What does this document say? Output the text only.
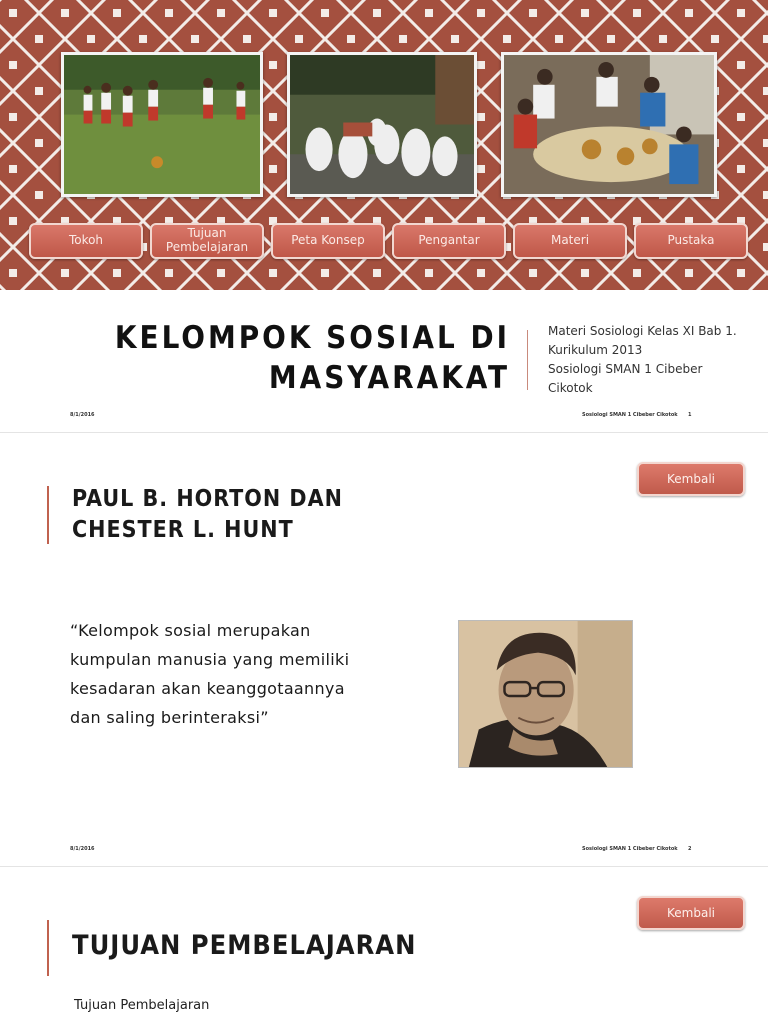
Tokoh	Tujuan Pembelajaran	Peta Konsep	Pengantar	Materi	Pustaka
KELOMPOK SOSIAL DI
MASYARAKAT
Materi Sosiologi Kelas XI Bab 1.
Kurikulum 2013
Sosiologi SMAN 1 Cibeber
Cikotok
8/1/2016	Sosiologi SMAN 1 Cibeber Cikotok 1
Kembali
PAUL B. HORTON DAN
CHESTER L. HUNT
“Kelompok sosial merupakan kumpulan manusia yang memiliki kesadaran akan keanggotaannya dan saling berinteraksi”
8/1/2016	Sosiologi SMAN 1 Cibeber Cikotok 2
Kembali
TUJUAN PEMBELAJARAN
Tujuan Pembelajaran
